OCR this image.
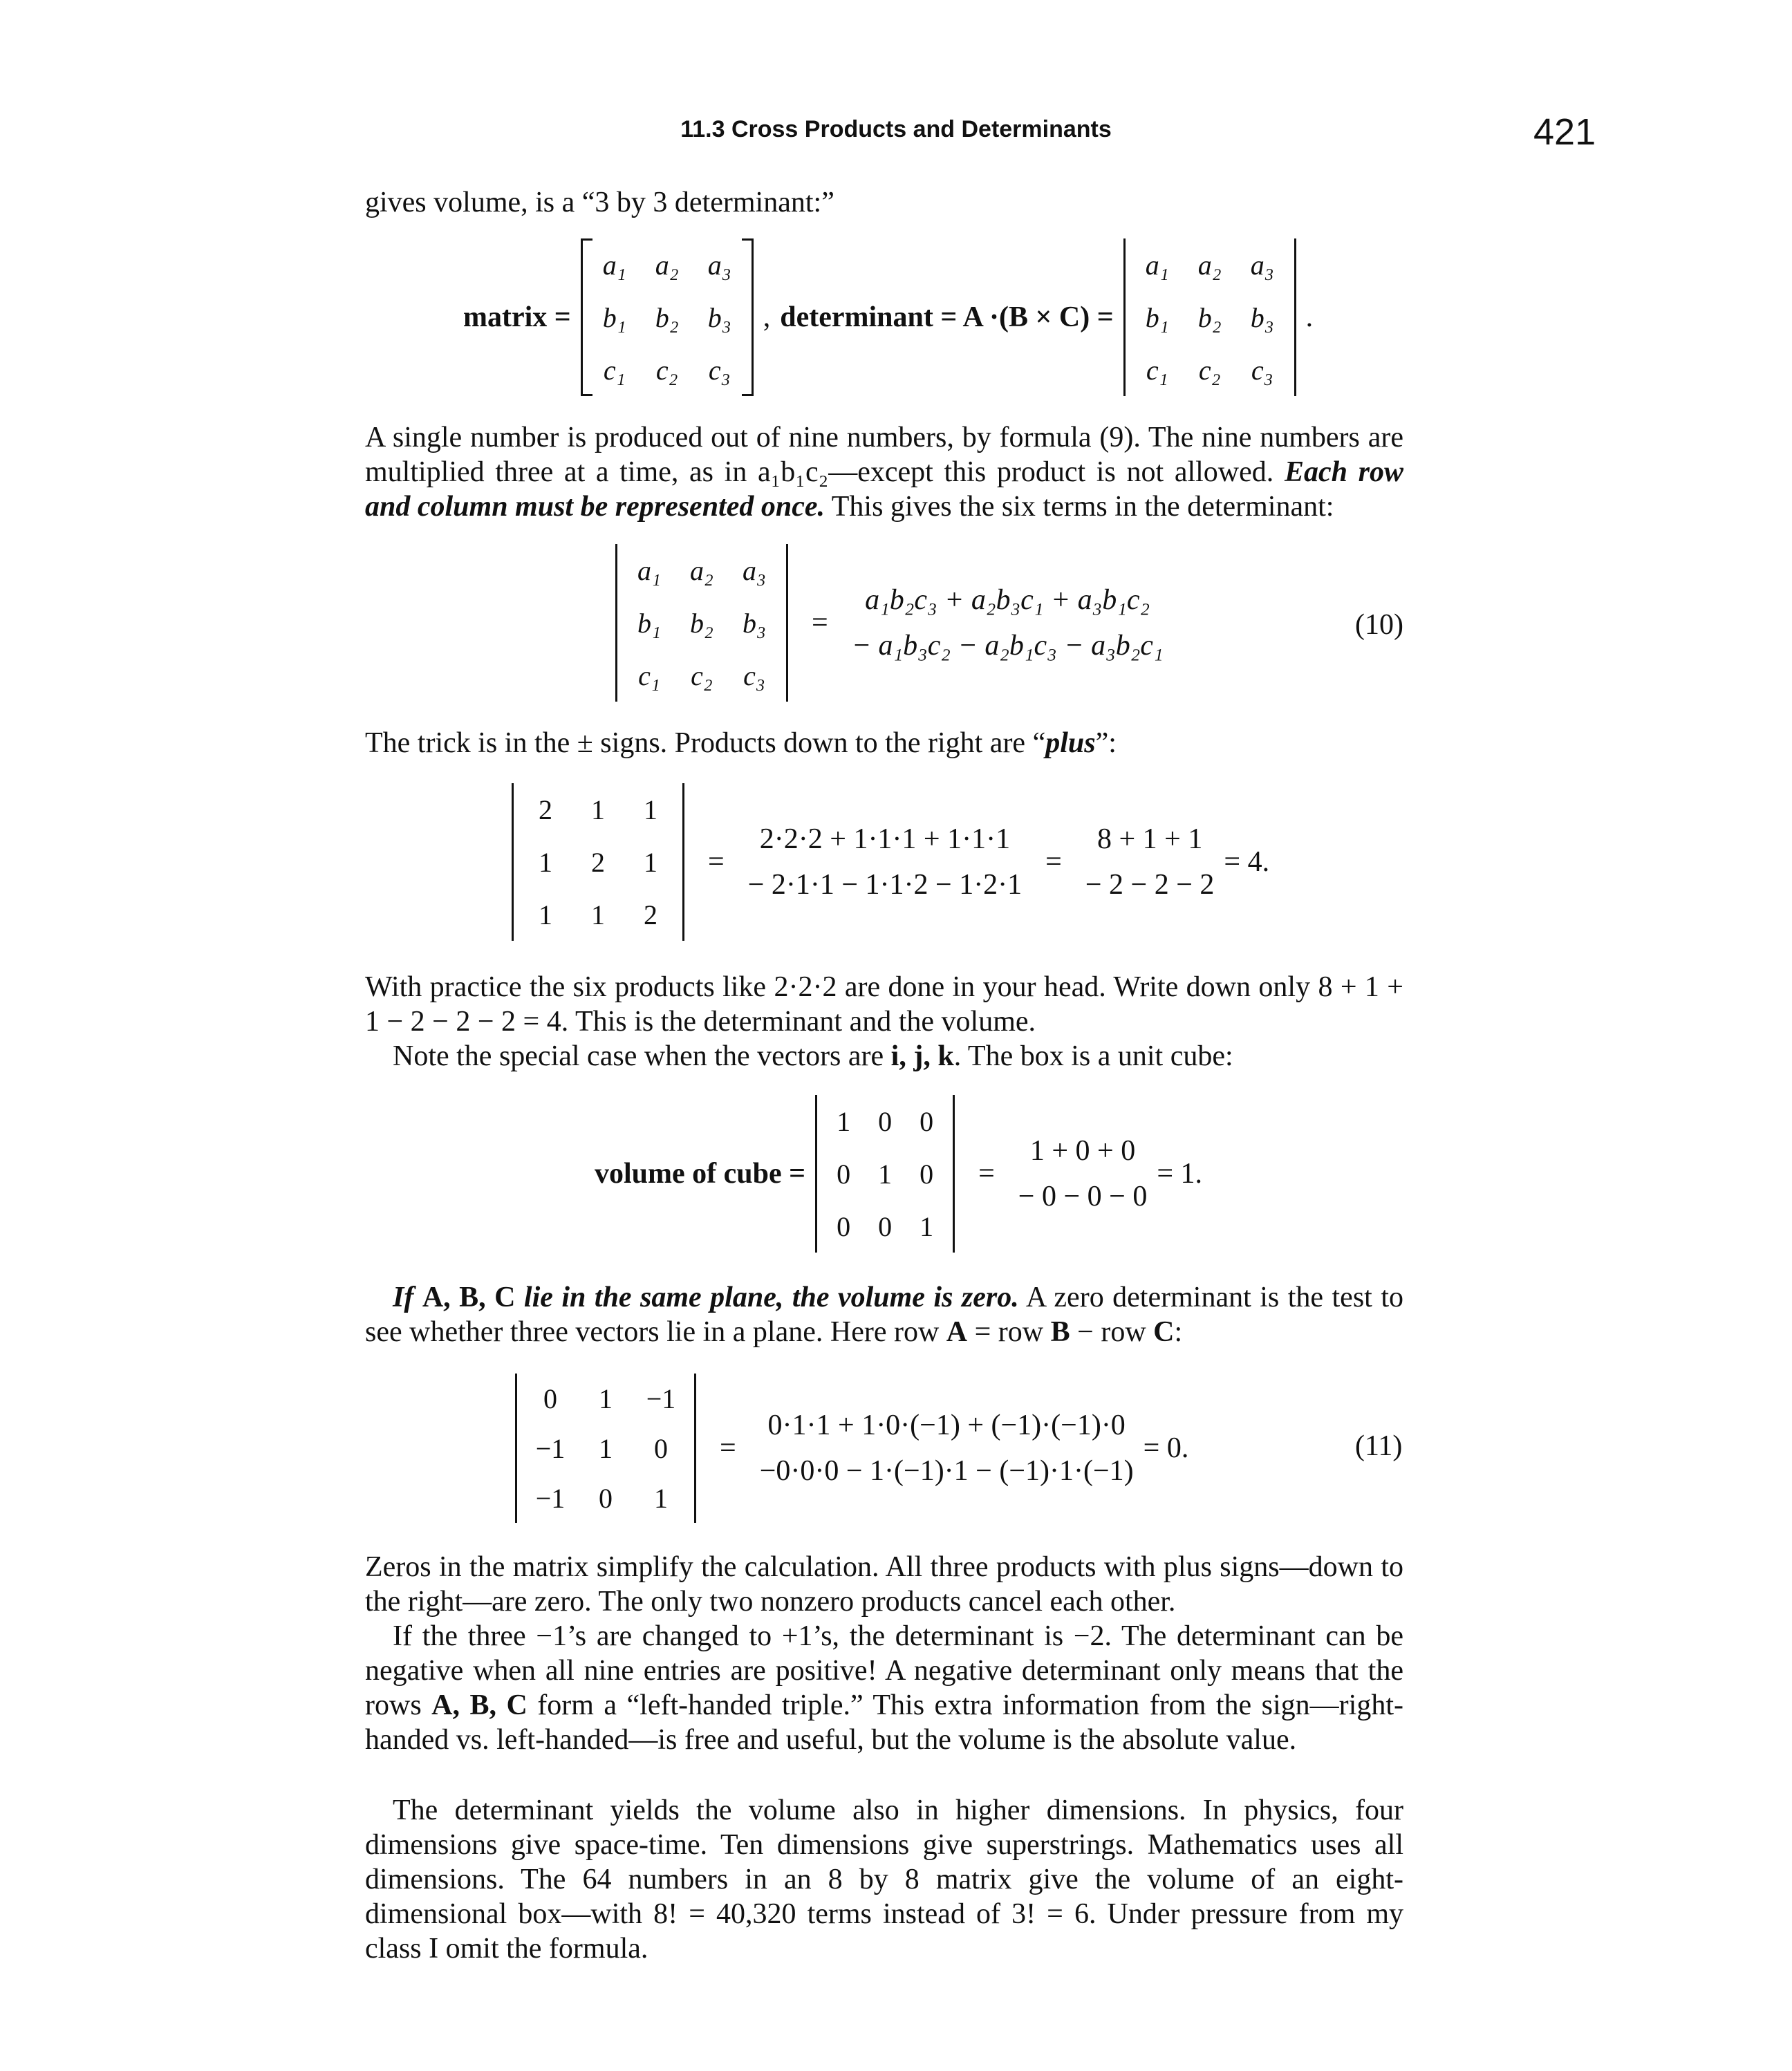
11.3 Cross Products and Determinants	421
gives volume, is a “3 by 3 determinant:”
matrix =
a₁ a₂ a₃
b₁ b₂ b₃
c₁ c₂ c₃
, determinant = A ·(B × C) =
a₁ a₂ a₃
b₁ b₂ b₃
c₁ c₂ c₃
.
A single number is produced out of nine numbers, by formula (9). The nine numbers are multiplied three at a time, as in a₁b₁c₂—except this product is not allowed. Each row and column must be represented once. This gives the six terms in the determinant:
a₁ a₂ a₃
b₁ b₂ b₃
c₁ c₂ c₃
=
a₁b₂c₃ + a₂b₃c₁ + a₃b₁c₂
− a₁b₃c₂ − a₂b₁c₃ − a₃b₂c₁
(10)
The trick is in the ± signs. Products down to the right are “plus”:
2 1 1
1 2 1
1 1 2
=
2·2·2 + 1·1·1 + 1·1·1
− 2·1·1 − 1·1·2 − 1·2·1
=
8 + 1 + 1
− 2 − 2 − 2
= 4.
With practice the six products like 2·2·2 are done in your head. Write down only 8 + 1 + 1 − 2 − 2 − 2 = 4. This is the determinant and the volume.
Note the special case when the vectors are i, j, k. The box is a unit cube:
volume of cube =
1 0 0
0 1 0
0 0 1
=
1 + 0 + 0
− 0 − 0 − 0
= 1.
If A, B, C lie in the same plane, the volume is zero. A zero determinant is the test to see whether three vectors lie in a plane. Here row A = row B − row C:
0 1 −1
−1 1 0
−1 0 1
=
0·1·1 + 1·0·(−1) + (−1)·(−1)·0
−0·0·0 − 1·(−1)·1 − (−1)·1·(−1)
= 0.	(11)
Zeros in the matrix simplify the calculation. All three products with plus signs—down to the right—are zero. The only two nonzero products cancel each other.
If the three −1’s are changed to +1’s, the determinant is −2. The determinant can be negative when all nine entries are positive! A negative determinant only means that the rows A, B, C form a “left-handed triple.” This extra information from the sign—right-handed vs. left-handed—is free and useful, but the volume is the absolute value.
The determinant yields the volume also in higher dimensions. In physics, four dimensions give space-time. Ten dimensions give superstrings. Mathematics uses all dimensions. The 64 numbers in an 8 by 8 matrix give the volume of an eight-dimensional box—with 8! = 40,320 terms instead of 3! = 6. Under pressure from my class I omit the formula.
